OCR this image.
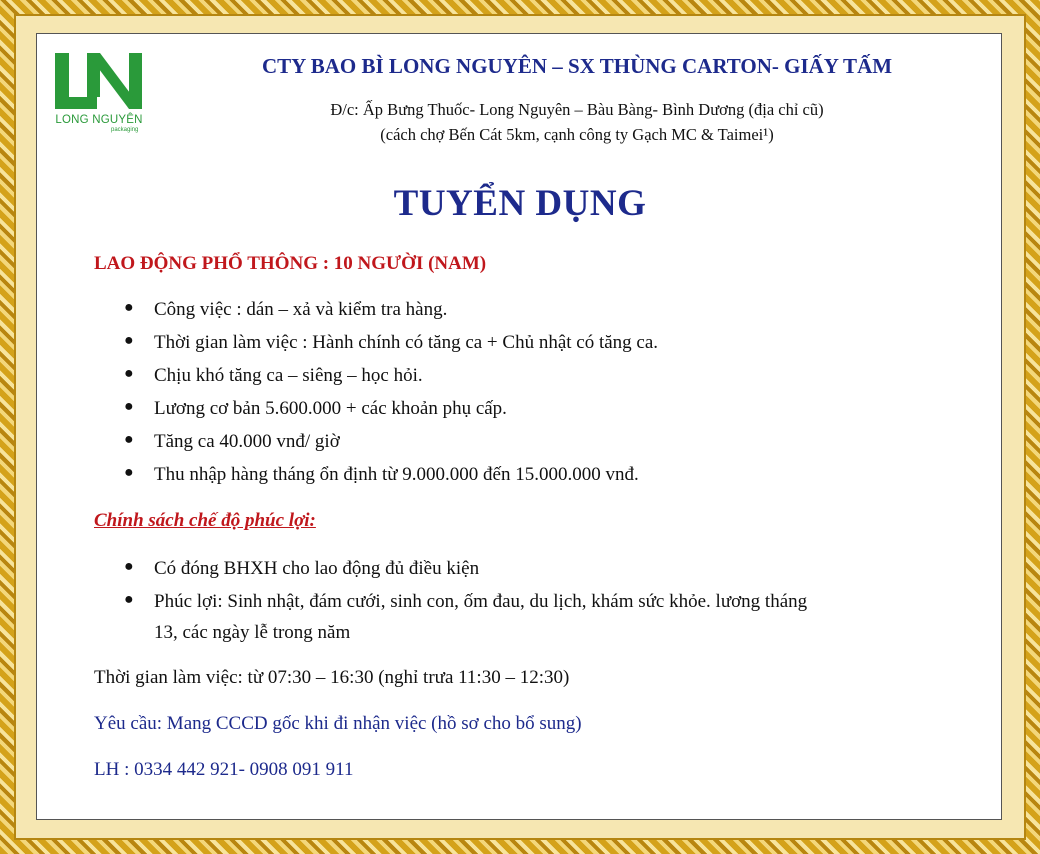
LONG NGUYÊN
packaging
CTY BAO BÌ LONG NGUYÊN – SX THÙNG CARTON- GIẤY TẤM
Đ/c: Ấp Bưng Thuốc- Long Nguyên – Bàu Bàng- Bình Dương (địa chỉ cũ)
(cách chợ Bến Cát 5km, cạnh công ty Gạch MC & Taimei¹)
TUYỂN DỤNG
LAO ĐỘNG PHỔ THÔNG : 10 NGƯỜI (NAM)
● Công việc : dán – xả và kiểm tra hàng.
● Thời gian làm việc : Hành chính có tăng ca + Chủ nhật có tăng ca.
● Chịu khó tăng ca – siêng – học hỏi.
● Lương cơ bản 5.600.000 + các khoản phụ cấp.
● Tăng ca 40.000 vnđ/ giờ
● Thu nhập hàng tháng ổn định từ 9.000.000 đến 15.000.000 vnđ.
Chính sách chế độ phúc lợi:
● Có đóng BHXH cho lao động đủ điều kiện
● Phúc lợi: Sinh nhật, đám cưới, sinh con, ốm đau, du lịch, khám sức khỏe. lương tháng
13, các ngày lễ trong năm
Thời gian làm việc: từ 07:30 – 16:30 (nghỉ trưa 11:30 – 12:30)
Yêu cầu: Mang CCCD gốc khi đi nhận việc (hồ sơ cho bổ sung)
LH : 0334 442 921- 0908 091 911
